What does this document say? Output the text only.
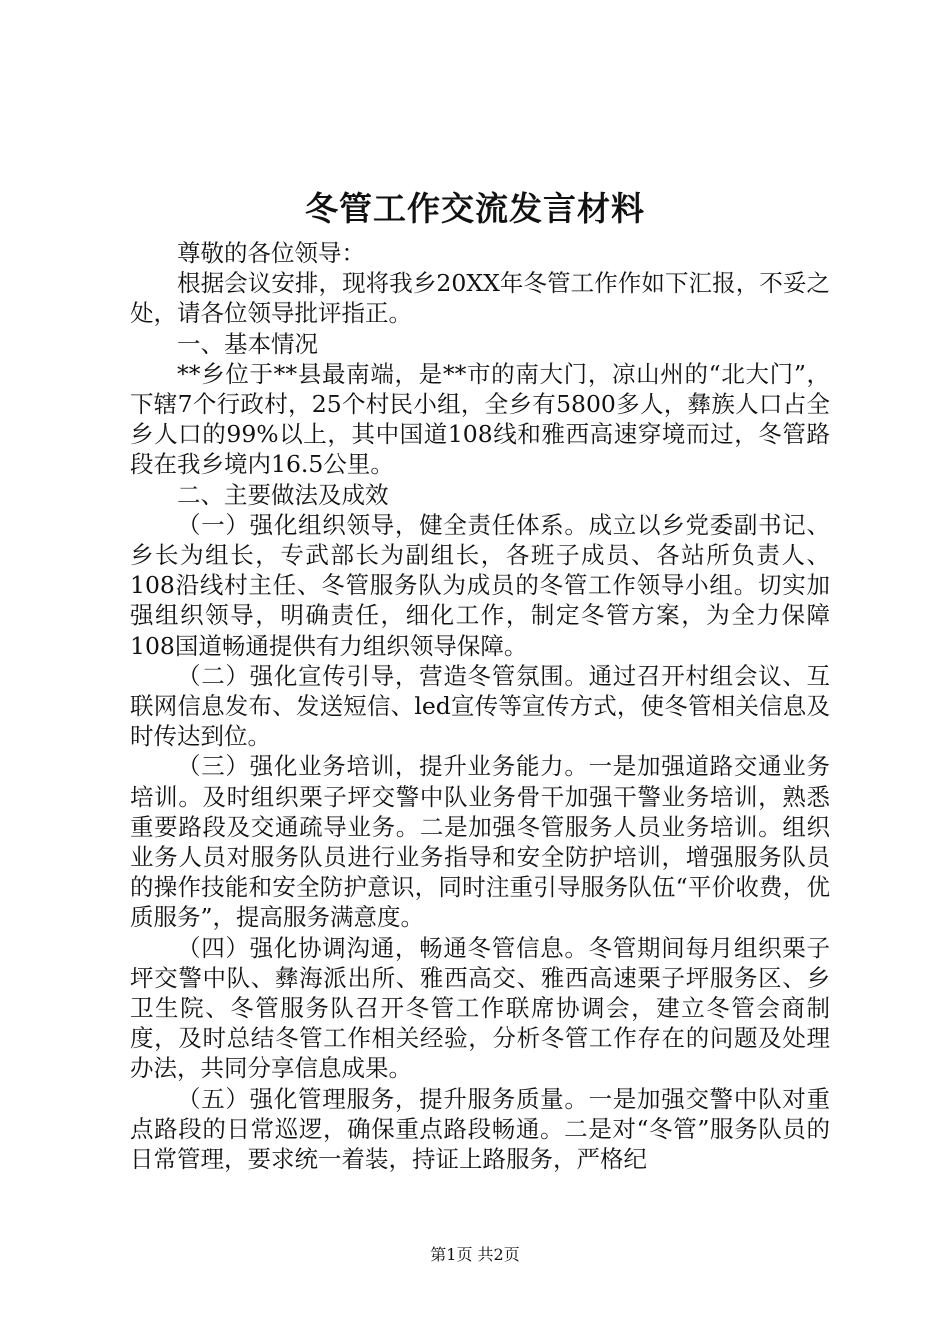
冬管工作交流发言材料

尊敬的各位领导：

根据会议安排，现将我乡20XX年冬管工作作如下汇报，不妥之处，请各位领导批评指正。

一、基本情况

**乡位于**县最南端，是**市的南大门，凉山州的“北大门”，下辖7个行政村，25个村民小组，全乡有5800多人，彝族人口占全乡人口的99%以上，其中国道108线和雅西高速穿境而过，冬管路段在我乡境内16.5公里。

二、主要做法及成效

（一）强化组织领导，健全责任体系。成立以乡党委副书记、乡长为组长，专武部长为副组长，各班子成员、各站所负责人、108沿线村主任、冬管服务队为成员的冬管工作领导小组。切实加强组织领导，明确责任，细化工作，制定冬管方案，为全力保障108国道畅通提供有力组织领导保障。

（二）强化宣传引导，营造冬管氛围。通过召开村组会议、互联网信息发布、发送短信、led宣传等宣传方式，使冬管相关信息及时传达到位。

（三）强化业务培训，提升业务能力。一是加强道路交通业务培训。及时组织栗子坪交警中队业务骨干加强干警业务培训，熟悉重要路段及交通疏导业务。二是加强冬管服务人员业务培训。组织业务人员对服务队员进行业务指导和安全防护培训，增强服务队员的操作技能和安全防护意识，同时注重引导服务队伍“平价收费，优质服务”，提高服务满意度。

（四）强化协调沟通，畅通冬管信息。冬管期间每月组织栗子坪交警中队、彝海派出所、雅西高交、雅西高速栗子坪服务区、乡卫生院、冬管服务队召开冬管工作联席协调会，建立冬管会商制度，及时总结冬管工作相关经验，分析冬管工作存在的问题及处理办法，共同分享信息成果。

（五）强化管理服务，提升服务质量。一是加强交警中队对重点路段的日常巡逻，确保重点路段畅通。二是对“冬管”服务队员的日常管理，要求统一着装，持证上路服务，严格纪

第1页 共2页
